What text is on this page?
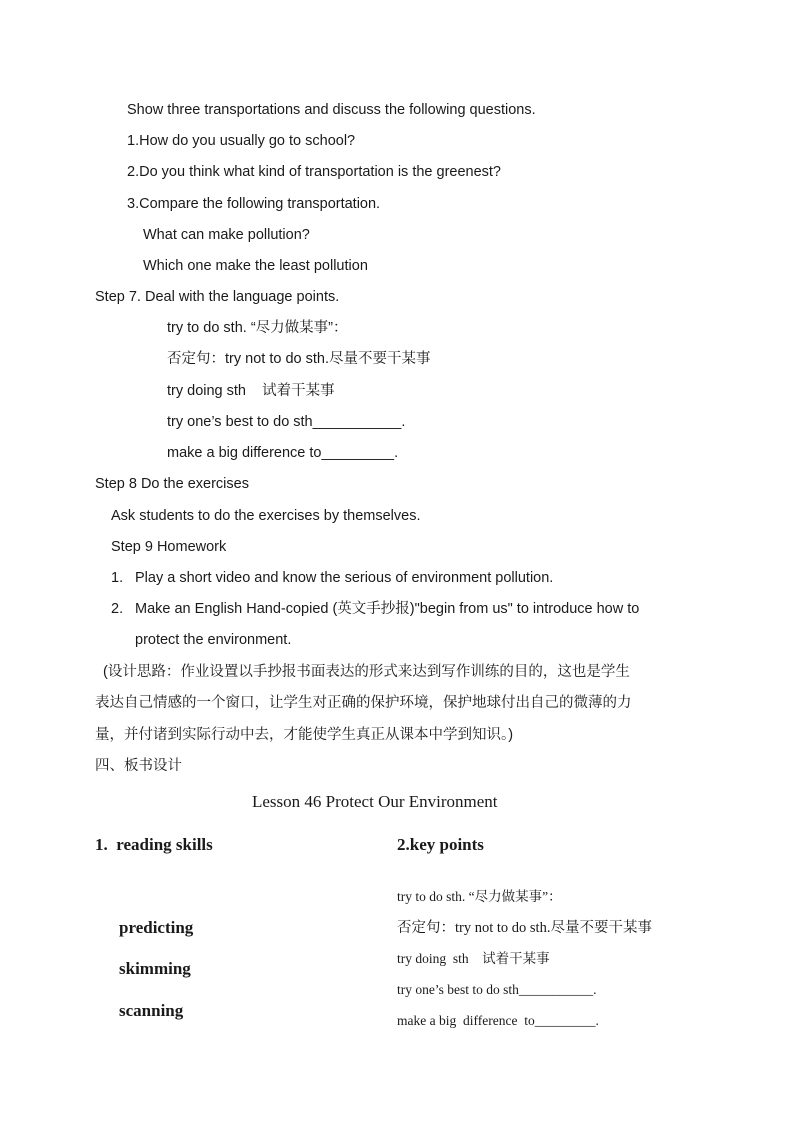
Show three transportations and discuss the following questions.
1.How do you usually go to school?
2.Do you think what kind of transportation is the greenest?
3.Compare the following transportation.
What can make pollution?
Which one make the least pollution
Step 7. Deal with the language points.
try to do sth. “尽力做某事”：
否定句：try not to do sth.尽量不要干某事
try doing sth    试着干某事
try one’s best to do sth___________.
make a big difference to_________.
Step 8 Do the exercises
Ask students to do the exercises by themselves.
Step 9 Homework
1. Play a short video and know the serious of environment pollution.
2. Make an English Hand-copied (英文手抄报)"begin from us" to introduce how to
protect the environment.
(设计思路：作业设置以手抄报书面表达的形式来达到写作训练的目的，这也是学生
表达自己情感的一个窗口，让学生对正确的保护环境，保护地球付出自己的微薄的力
量，并付诸到实际行动中去，才能使学生真正从课本中学到知识。)
四、板书设计
Lesson 46 Protect Our Environment
1.  reading skills
predicting
skimming
scanning
2.key points
try to do sth. “尽力做某事”：
否定句：try not to do sth.尽量不要干某事
try doing  sth    试着干某事
try one’s best to do sth___________.
make a big  difference  to_________.
